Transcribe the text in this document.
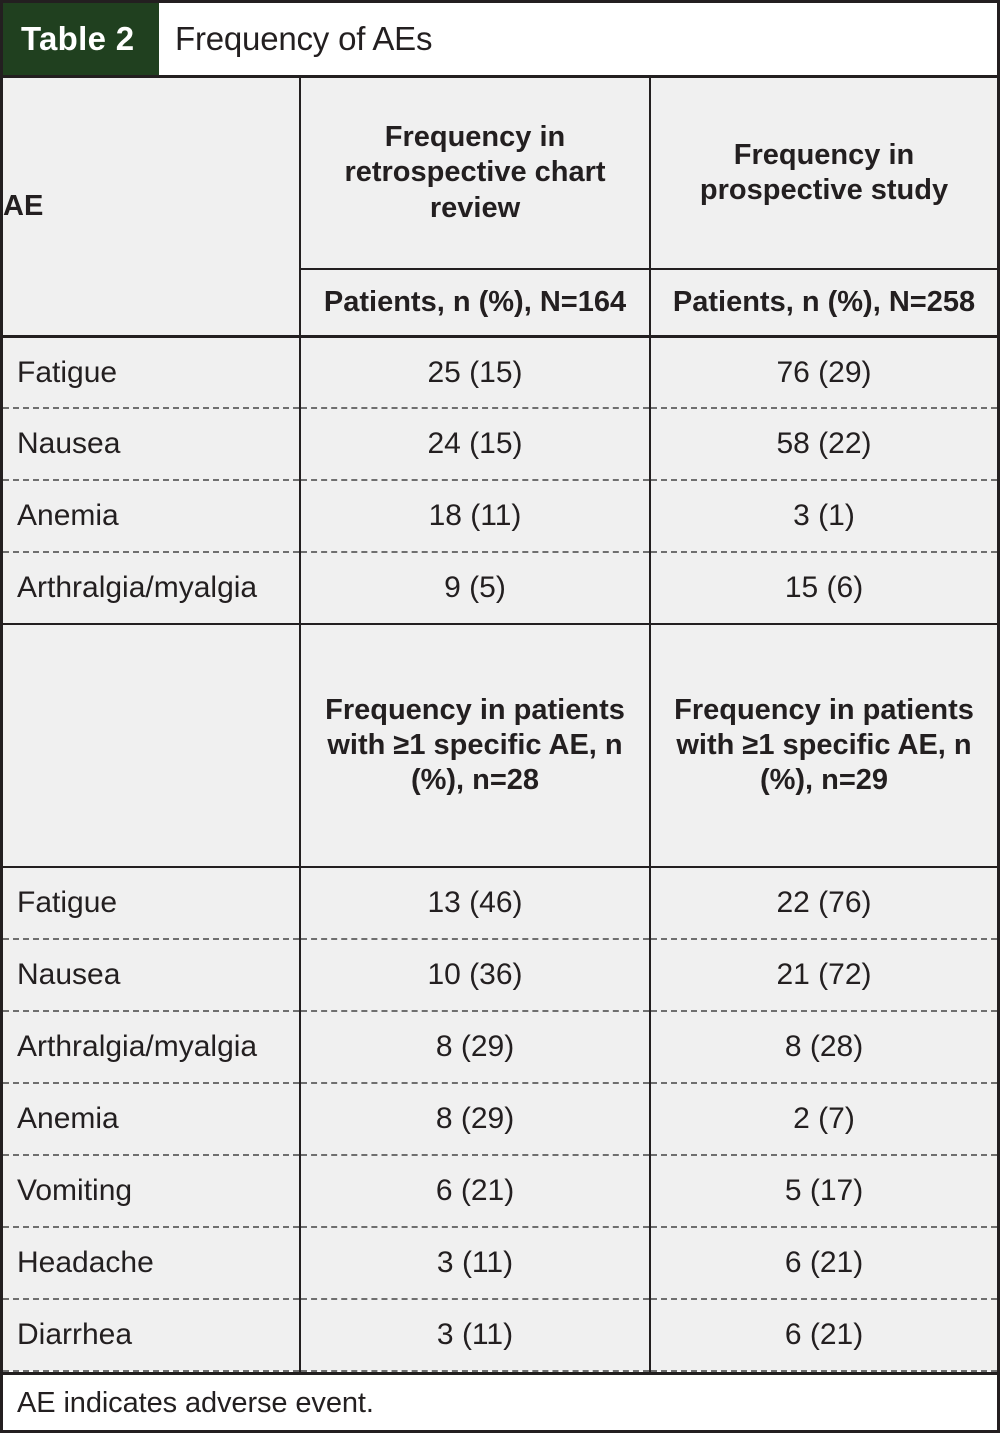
Table 2	Frequency of AEs
AE	Frequency in retrospective chart review	Frequency in prospective study
	Patients, n (%), N=164	Patients, n (%), N=258
Fatigue	25 (15)	76 (29)
Nausea	24 (15)	58 (22)
Anemia	18 (11)	3 (1)
Arthralgia/myalgia	9 (5)	15 (6)
	Frequency in patients with ≥1 specific AE, n (%), n=28	Frequency in patients with ≥1 specific AE, n (%), n=29
Fatigue	13 (46)	22 (76)
Nausea	10 (36)	21 (72)
Arthralgia/myalgia	8 (29)	8 (28)
Anemia	8 (29)	2 (7)
Vomiting	6 (21)	5 (17)
Headache	3 (11)	6 (21)
Diarrhea	3 (11)	6 (21)
AE indicates adverse event.
